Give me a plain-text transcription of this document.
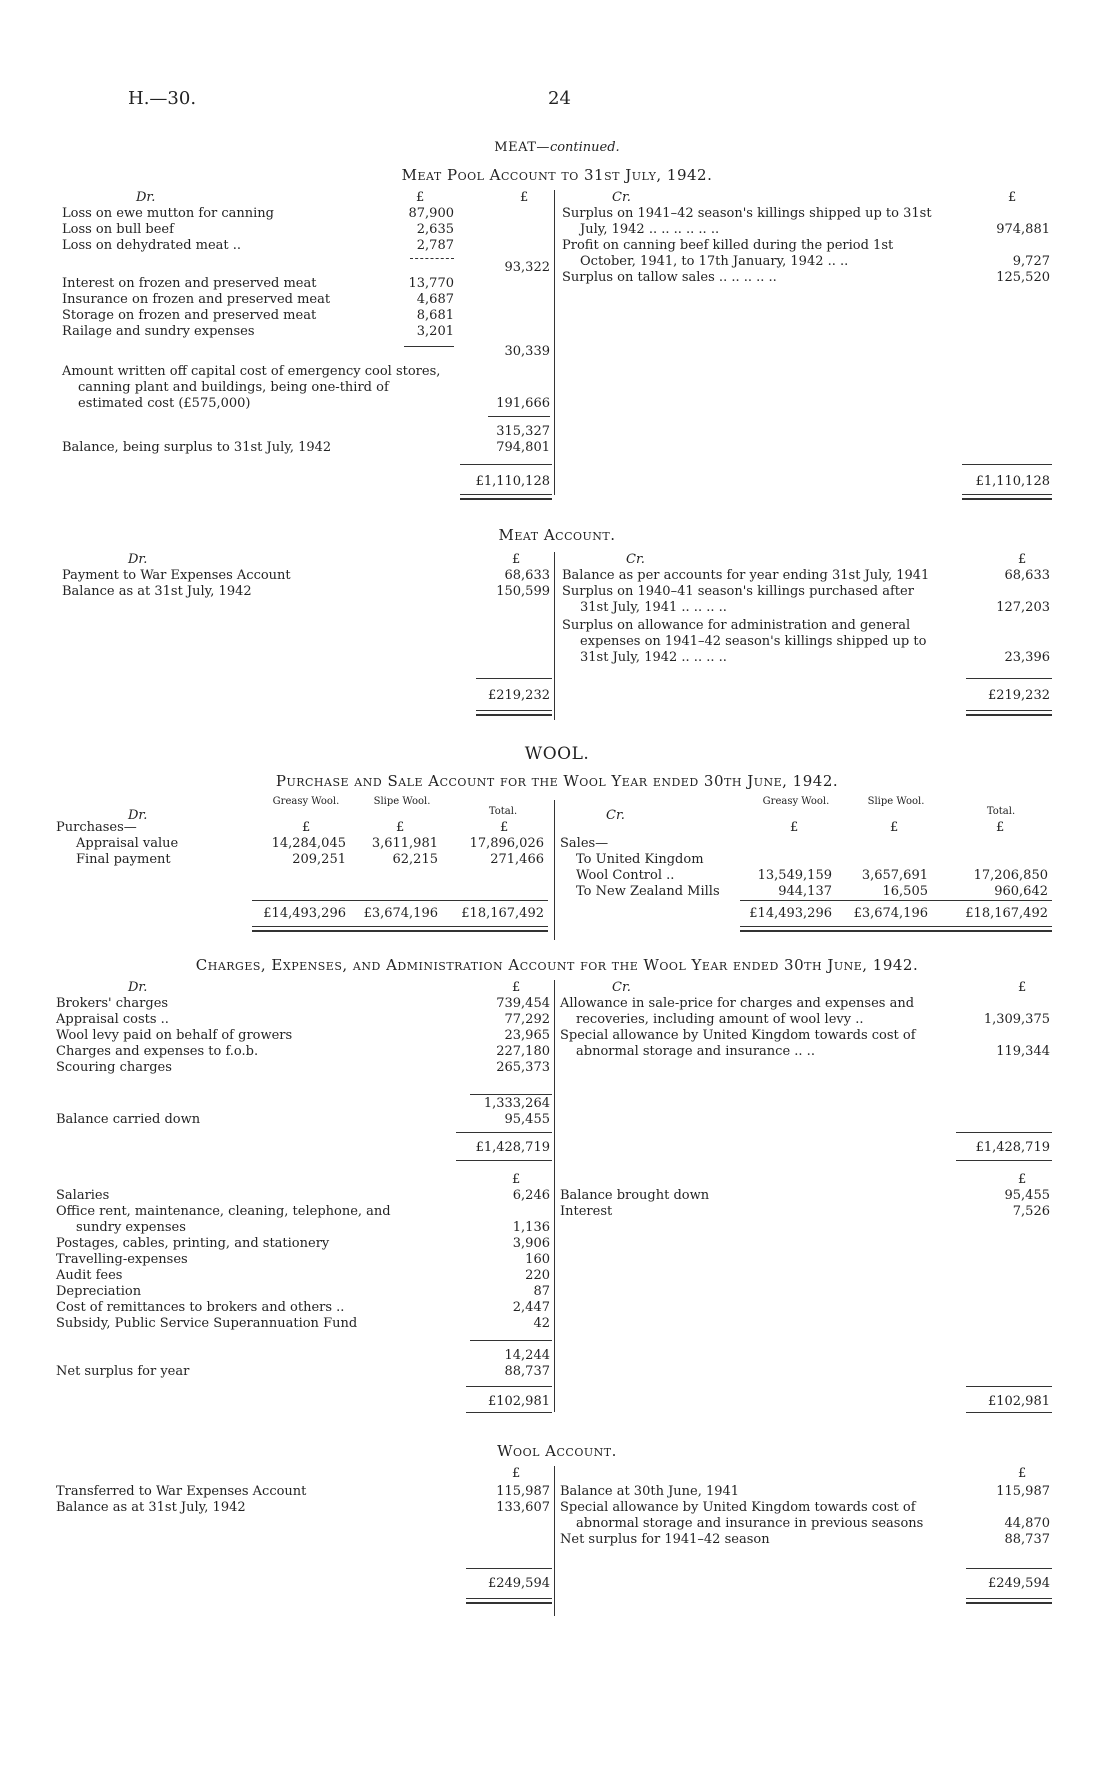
H.—30.	24
MEAT—continued.
Meat Pool Account to 31st July, 1942.
Dr.	£	£	Cr.	£
Loss on ewe mutton for canning	87,900
Loss on bull beef	2,635
Loss on dehydrated meat ..	2,787
93,322
Interest on frozen and preserved meat	13,770
Insurance on frozen and preserved meat	4,687
Storage on frozen and preserved meat	8,681
Railage and sundry expenses	3,201
30,339
Amount written off capital cost of emergency cool stores,
canning plant and buildings, being one-third of
estimated cost (£575,000)	191,666
315,327
Balance, being surplus to 31st July, 1942	794,801
£1,110,128
Surplus on 1941–42 season's killings shipped up to 31st
July, 1942 .. .. .. .. .. ..	974,881
Profit on canning beef killed during the period 1st
October, 1941, to 17th January, 1942 .. ..	9,727
Surplus on tallow sales .. .. .. .. ..	125,520
£1,110,128
Meat Account.
Dr.	£	Cr.	£
Payment to War Expenses Account	68,633
Balance as at 31st July, 1942	150,599
£219,232
Balance as per accounts for year ending 31st July, 1941	68,633
Surplus on 1940–41 season's killings purchased after
31st July, 1941 .. .. .. ..	127,203
Surplus on allowance for administration and general
expenses on 1941–42 season's killings shipped up to
31st July, 1942 .. .. .. ..	23,396
£219,232
WOOL.
Purchase and Sale Account for the Wool Year ended 30th June, 1942.
Dr.
Greasy Wool.	Slipe Wool.
Total.
£	£	£
Cr.
Greasy Wool.	Slipe Wool.
Total.
£	£	£
Purchases—
Appraisal value	14,284,045 3,611,981 17,896,026
Final payment	209,251	62,215	271,466
£14,493,296 £3,674,196 £18,167,492
Sales—
To United Kingdom
Wool Control ..	13,549,159 3,657,691	17,206,850
To New Zealand Mills	944,137	16,505	960,642
£14,493,296 £3,674,196	£18,167,492
Charges, Expenses, and Administration Account for the Wool Year ended 30th June, 1942.
Dr.	£	Cr.	£
Brokers' charges	739,454
Appraisal costs ..	77,292
Wool levy paid on behalf of growers	23,965
Charges and expenses to f.o.b.	227,180
Scouring charges	265,373
1,333,264
Balance carried down	95,455
£1,428,719
Allowance in sale-price for charges and expenses and
recoveries, including amount of wool levy ..	1,309,375
Special allowance by United Kingdom towards cost of
abnormal storage and insurance .. ..	119,344
£1,428,719
£	£
Salaries	6,246
Office rent, maintenance, cleaning, telephone, and
sundry expenses	1,136
Postages, cables, printing, and stationery	3,906
Travelling-expenses	160
Audit fees	220
Depreciation	87
Cost of remittances to brokers and others ..	2,447
Subsidy, Public Service Superannuation Fund	42
14,244
Net surplus for year	88,737
£102,981
Balance brought down	95,455
Interest	7,526
£102,981
Wool Account.
£	£
Transferred to War Expenses Account	115,987
Balance as at 31st July, 1942	133,607
£249,594
Balance at 30th June, 1941	115,987
Special allowance by United Kingdom towards cost of
abnormal storage and insurance in previous seasons	44,870
Net surplus for 1941–42 season	88,737
£249,594
